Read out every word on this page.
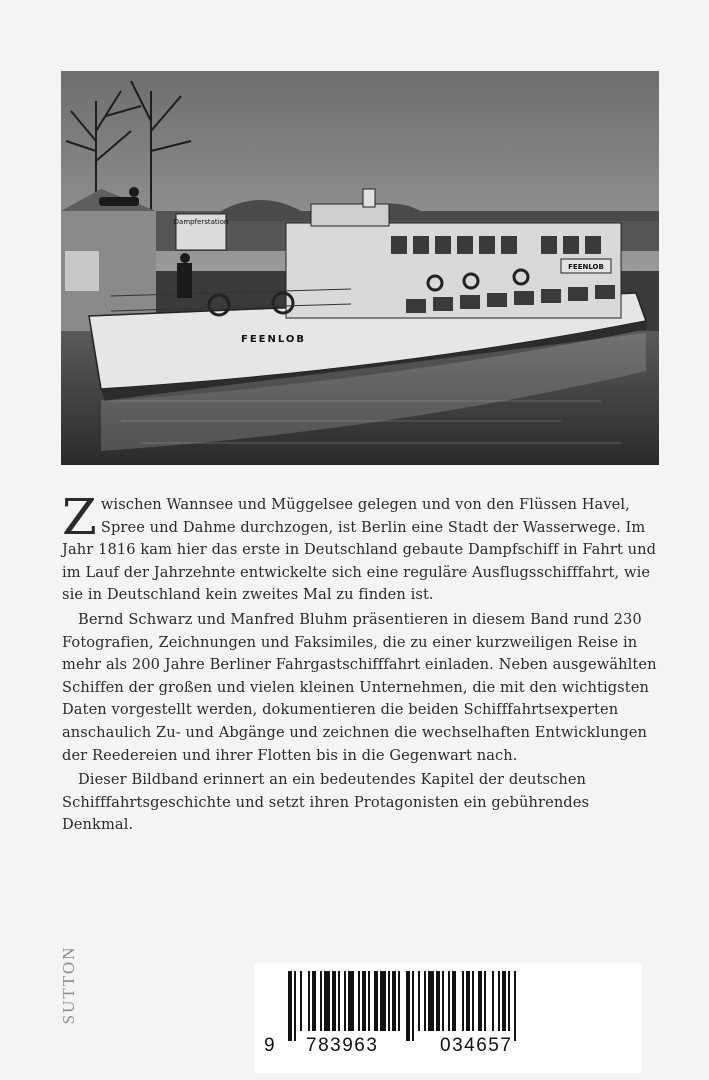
Dampferstation
FEENLOB
FEENLOB

Zwischen Wannsee und Müggelsee gelegen und von den Flüssen Havel, Spree und Dahme durchzogen, ist Berlin eine Stadt der Wasserwege. Im Jahr 1816 kam hier das erste in Deutschland gebaute Dampfschiff in Fahrt und im Lauf der Jahrzehnte entwickelte sich eine reguläre Ausflugsschifffahrt, wie sie in Deutschland kein zweites Mal zu finden ist.

Bernd Schwarz und Manfred Bluhm präsentieren in diesem Band rund 230 Fotografien, Zeichnungen und Faksimiles, die zu einer kurzweiligen Reise in mehr als 200 Jahre Berliner Fahrgastschifffahrt einladen. Neben ausgewählten Schiffen der großen und vielen kleinen Unternehmen, die mit den wichtigsten Daten vorgestellt werden, dokumentieren die beiden Schifffahrtsexperten anschaulich Zu- und Abgänge und zeichnen die wechselhaften Entwicklungen der Reedereien und ihrer Flotten bis in die Gegenwart nach.

Dieser Bildband erinnert an ein bedeutendes Kapitel der deutschen Schifffahrtsgeschichte und setzt ihren Protagonisten ein gebührendes Denkmal.

SUTTON
9 783963	034657
